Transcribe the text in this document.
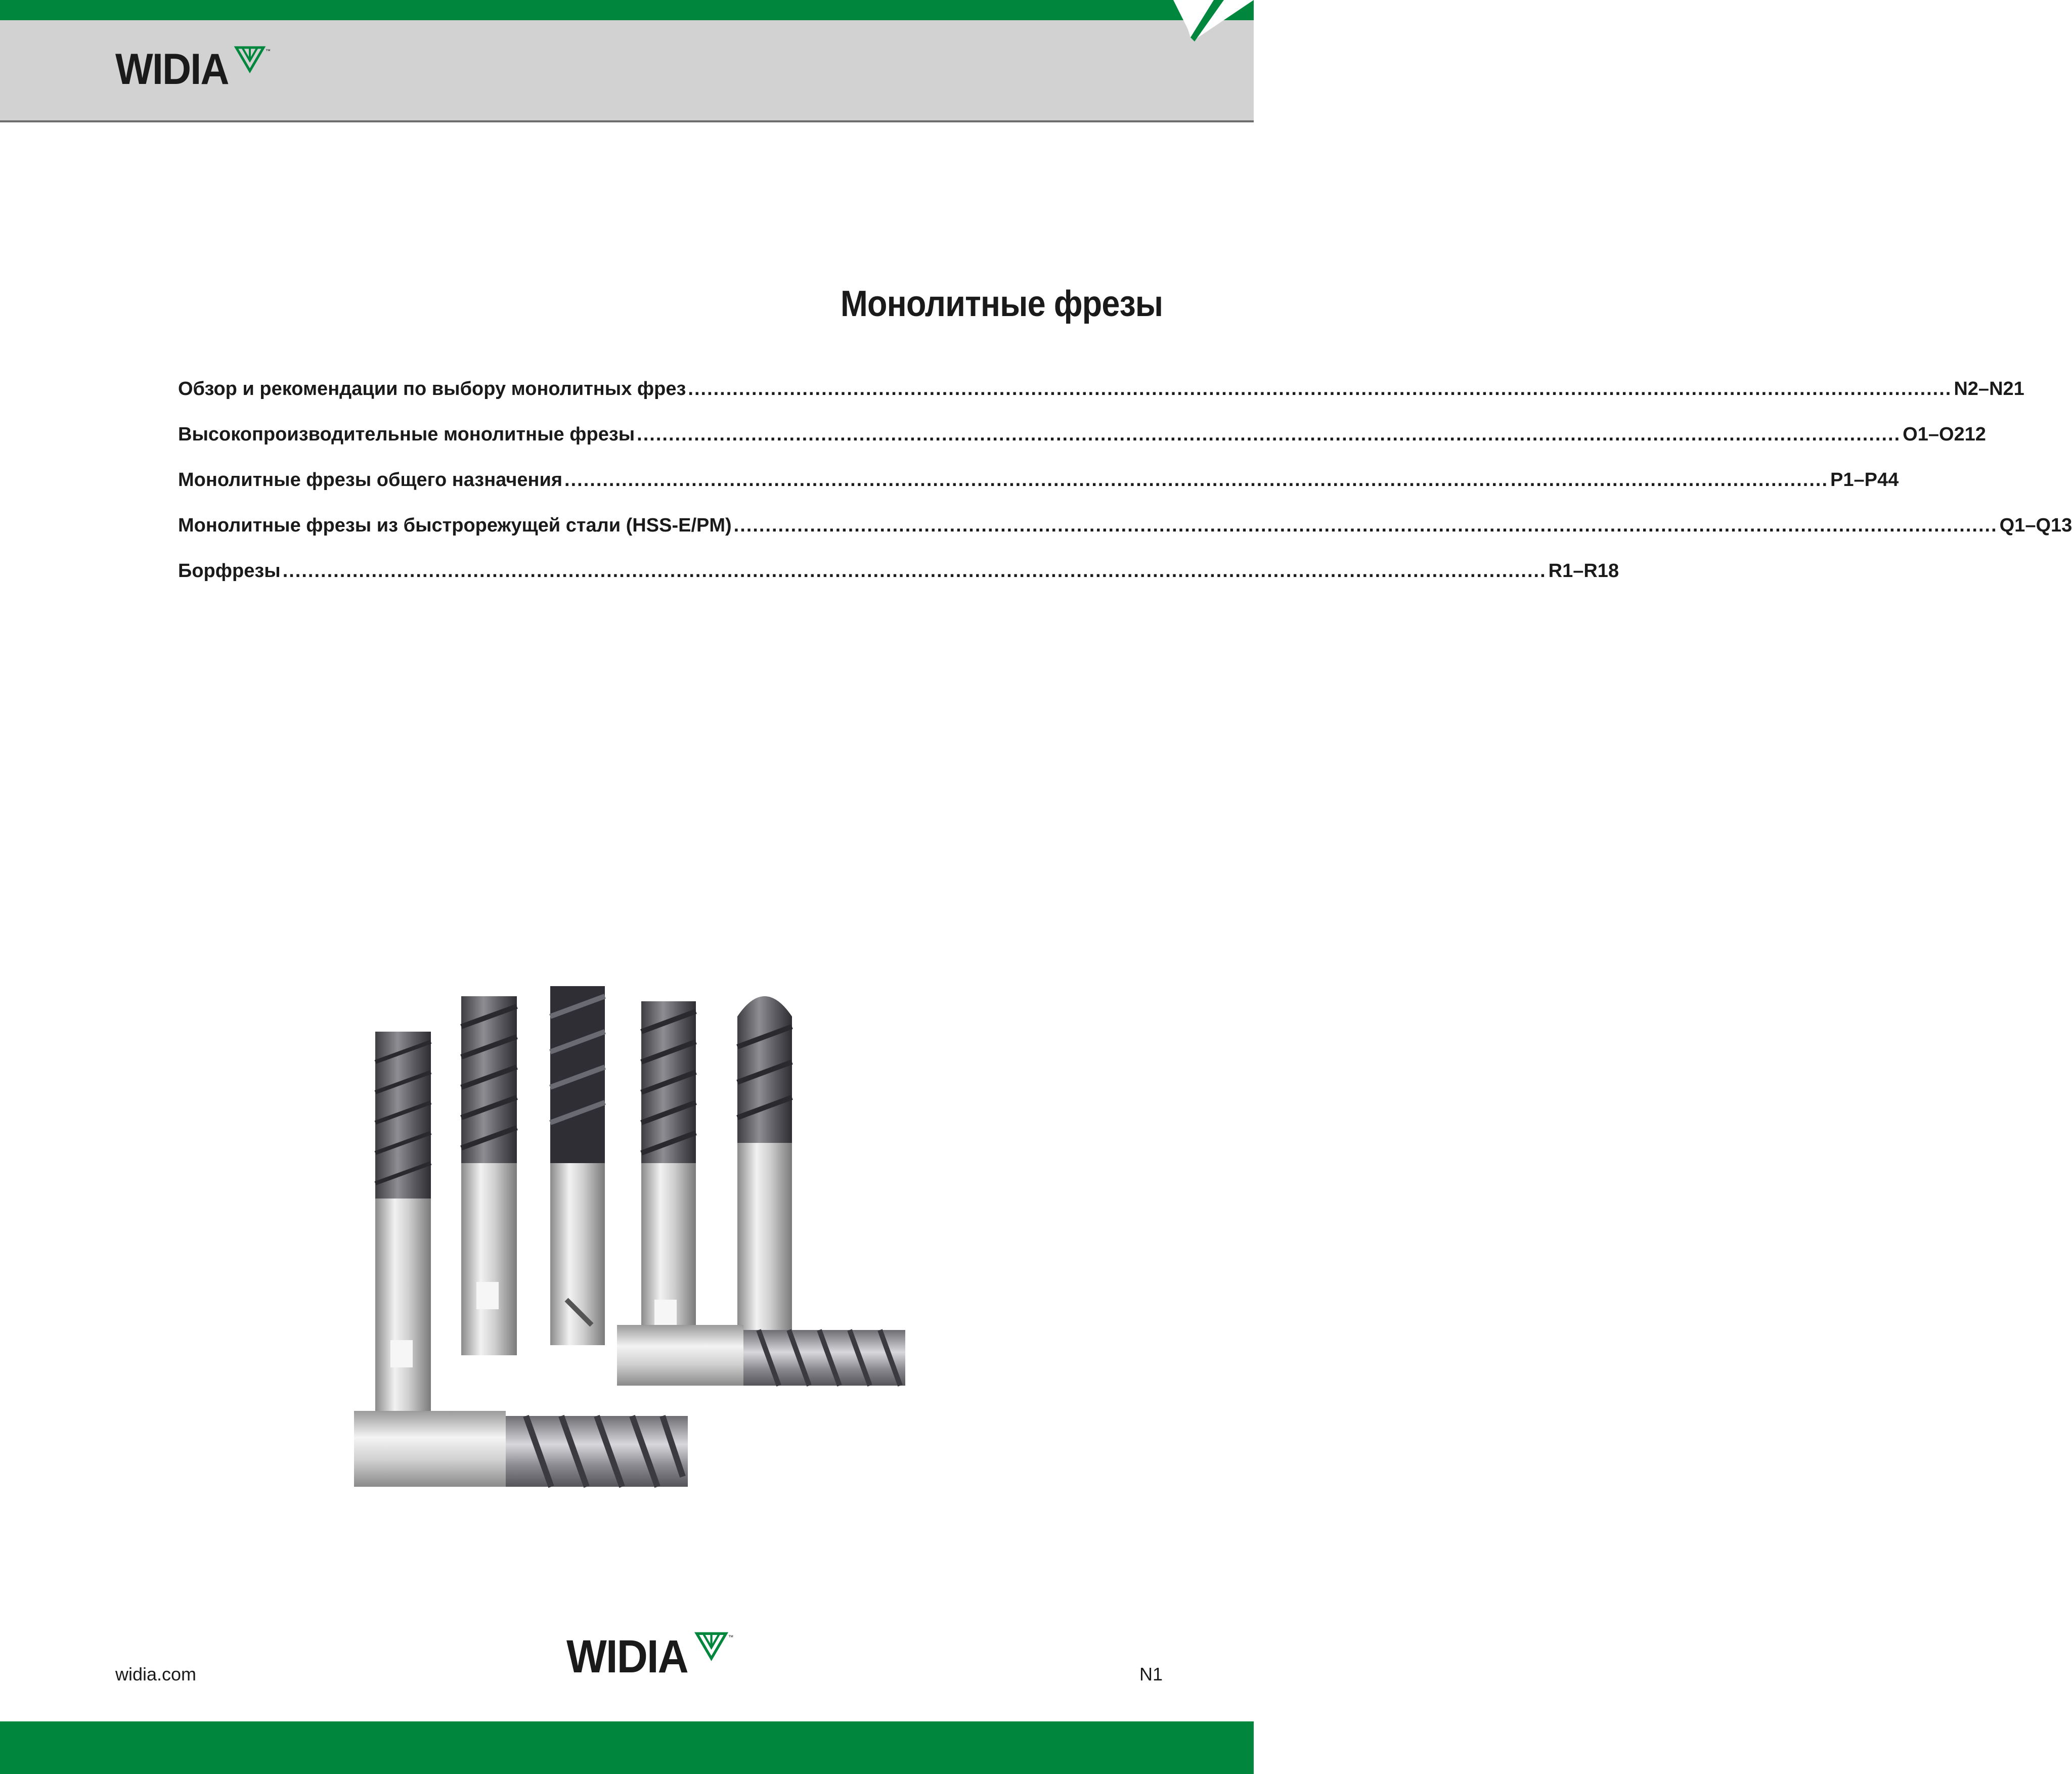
WIDIA	™
Монолитные фрезы
Обзор и рекомендации по выбору монолитных фрез ....................................................................................................................................................................................................... N2–N21
Высокопроизводительные монолитные фрезы ....................................................................................................................................................................................................... O1–O212
Монолитные фрезы общего назначения ....................................................................................................................................................................................................... P1–P44
Монолитные фрезы из быстрорежущей стали (HSS-E/PM) ....................................................................................................................................................................................................... Q1–Q13
Борфрезы ....................................................................................................................................................................................................... R1–R18
widia.com	WIDIA	™
N1
